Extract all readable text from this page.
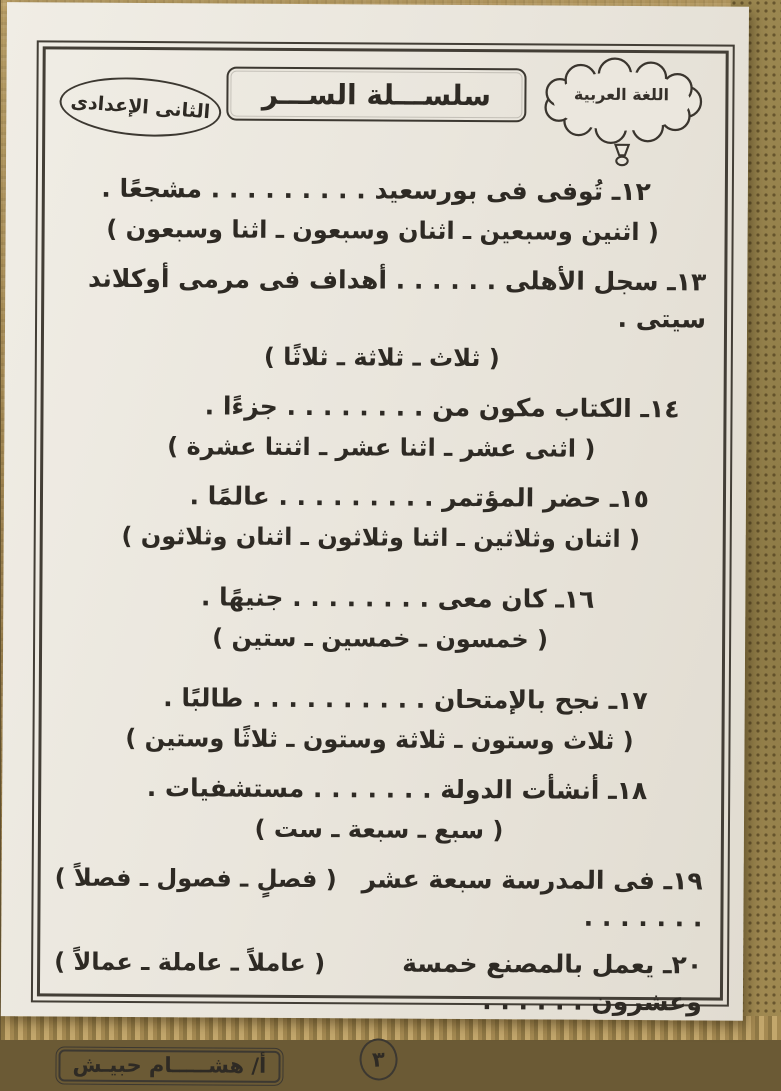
اللغة العربية
سلســـلة الســـر
الثانى الإعدادى
١٢ـ تُوفى فى بورسعيد . . . . . . . . . مشجعًا .
( اثنين وسبعين ـ اثنان وسبعون ـ اثنا وسبعون )
١٣ـ سجل الأهلى . . . . . . أهداف فى مرمى أوكلاند سيتى .
( ثلاث ـ ثلاثة ـ ثلاثًا )
١٤ـ الكتاب مكون من . . . . . . . . جزءًا .
( اثنى عشر ـ اثنا عشر ـ اثنتا عشرة )
١٥ـ حضر المؤتمر . . . . . . . . . عالمًا .
( اثنان وثلاثين ـ اثنا وثلاثون ـ اثنان وثلاثون )
١٦ـ كان معى . . . . . . . . جنيهًا .
( خمسون ـ خمسين ـ ستين )
١٧ـ نجح بالإمتحان . . . . . . . . . . طالبًا .
( ثلاث وستون ـ ثلاثة وستون ـ ثلاثًا وستين )
١٨ـ أنشأت الدولة . . . . . . . مستشفيات .
( سبع ـ سبعة ـ ست )
١٩ـ فى المدرسة سبعة عشر . . . . . . .
( فصلٍ ـ فصول ـ فصلاً )
٢٠ـ يعمل بالمصنع خمسة وعشرون . . . . . .
( عاملاً ـ عاملة ـ عمالاً )
أ/ هشـــــام حبيـش	٣
